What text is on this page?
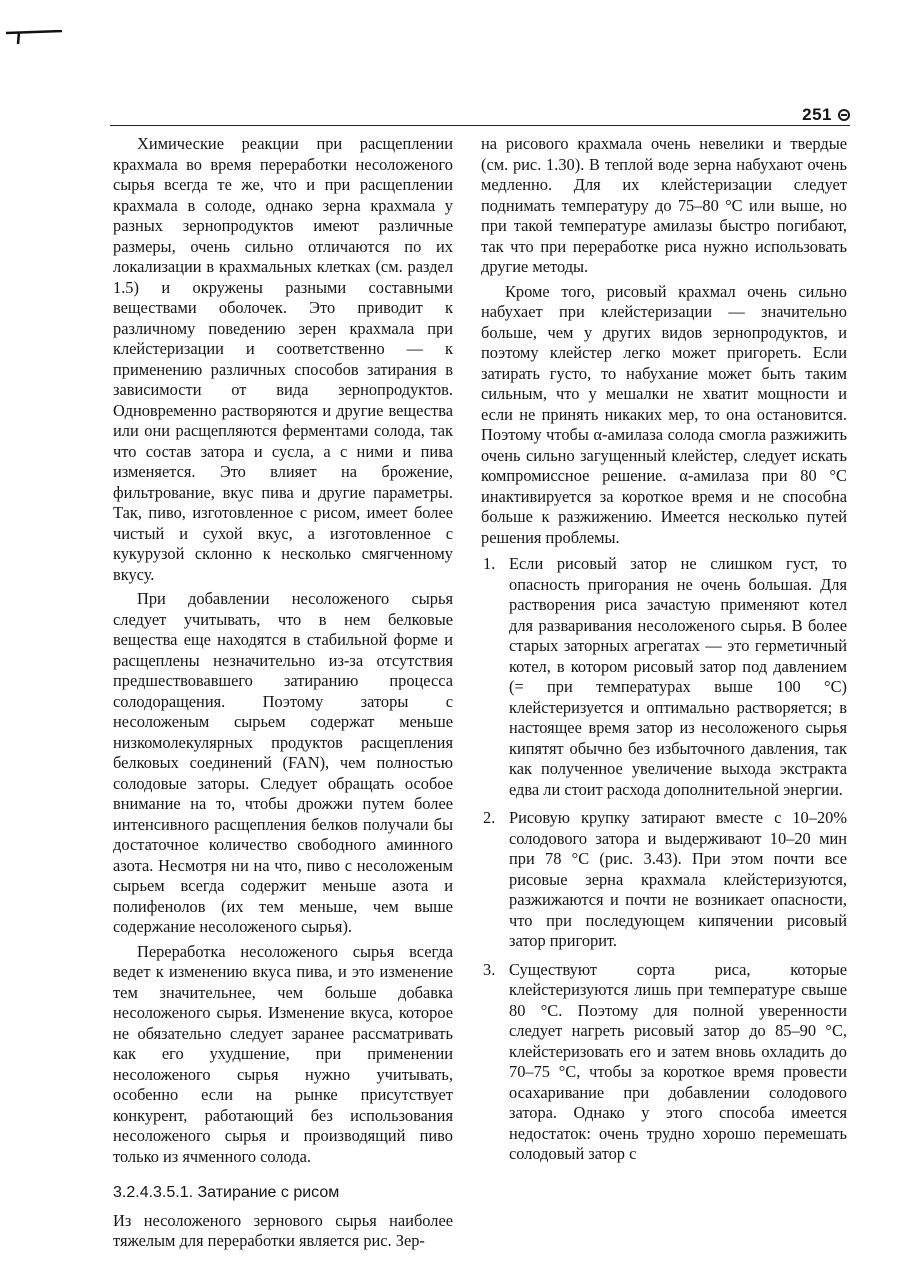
251

Химические реакции при расщеплении крахмала во время переработки несоложеного сырья всегда те же, что и при расщеплении крахмала в солоде, однако зерна крахмала у разных зернопродуктов имеют различные размеры, очень сильно отличаются по их локализации в крахмальных клетках (см. раздел 1.5) и окружены разными составными веществами оболочек. Это приводит к различному поведению зерен крахмала при клейстеризации и соответственно — к применению различных способов затирания в зависимости от вида зернопродуктов. Одновременно растворяются и другие вещества или они расщепляются ферментами солода, так что состав затора и сусла, а с ними и пива изменяется. Это влияет на брожение, фильтрование, вкус пива и другие параметры. Так, пиво, изготовленное с рисом, имеет более чистый и сухой вкус, а изготовленное с кукурузой склонно к несколько смягченному вкусу.

При добавлении несоложеного сырья следует учитывать, что в нем белковые вещества еще находятся в стабильной форме и расщеплены незначительно из-за отсутствия предшествовавшего затиранию процесса солодоращения. Поэтому заторы с несоложеным сырьем содержат меньше низкомолекулярных продуктов расщепления белковых соединений (FAN), чем полностью солодовые заторы. Следует обращать особое внимание на то, чтобы дрожжи путем более интенсивного расщепления белков получали бы достаточное количество свободного аминного азота. Несмотря ни на что, пиво с несоложеным сырьем всегда содержит меньше азота и полифенолов (их тем меньше, чем выше содержание несоложеного сырья).

Переработка несоложеного сырья всегда ведет к изменению вкуса пива, и это изменение тем значительнее, чем больше добавка несоложеного сырья. Изменение вкуса, которое не обязательно следует заранее рассматривать как его ухудшение, при применении несоложеного сырья нужно учитывать, особенно если на рынке присутствует конкурент, работающий без использования несоложеного сырья и производящий пиво только из ячменного солода.

3.2.4.3.5.1. Затирание с рисом

Из несоложеного зернового сырья наиболее тяжелым для переработки является рис. Зер-

на рисового крахмала очень невелики и твердые (см. рис. 1.30). В теплой воде зерна набухают очень медленно. Для их клейстеризации следует поднимать температуру до 75–80 °С или выше, но при такой температуре амилазы быстро погибают, так что при переработке риса нужно использовать другие методы.

Кроме того, рисовый крахмал очень сильно набухает при клейстеризации — значительно больше, чем у других видов зернопродуктов, и поэтому клейстер легко может пригореть. Если затирать густо, то набухание может быть таким сильным, что у мешалки не хватит мощности и если не принять никаких мер, то она остановится. Поэтому чтобы α-амилаза солода смогла разжижить очень сильно загущенный клейстер, следует искать компромиссное решение. α-амилаза при 80 °С инактивируется за короткое время и не способна больше к разжижению. Имеется несколько путей решения проблемы.

1. Если рисовый затор не слишком густ, то опасность пригорания не очень большая. Для растворения риса зачастую применяют котел для разваривания несоложеного сырья. В более старых заторных агрегатах — это герметичный котел, в котором рисовый затор под давлением (= при температурах выше 100 °С) клейстеризуется и оптимально растворяется; в настоящее время затор из несоложеного сырья кипятят обычно без избыточного давления, так как полученное увеличение выхода экстракта едва ли стоит расхода дополнительной энергии.
2. Рисовую крупку затирают вместе с 10–20% солодового затора и выдерживают 10–20 мин при 78 °С (рис. 3.43). При этом почти все рисовые зерна крахмала клейстеризуются, разжижаются и почти не возникает опасности, что при последующем кипячении рисовый затор пригорит.
3. Существуют сорта риса, которые клейстеризуются лишь при температуре свыше 80 °С. Поэтому для полной уверенности следует нагреть рисовый затор до 85–90 °С, клейстеризовать его и затем вновь охладить до 70–75 °С, чтобы за короткое время провести осахаривание при добавлении солодового затора. Однако у этого способа имеется недостаток: очень трудно хорошо перемешать солодовый затор с
